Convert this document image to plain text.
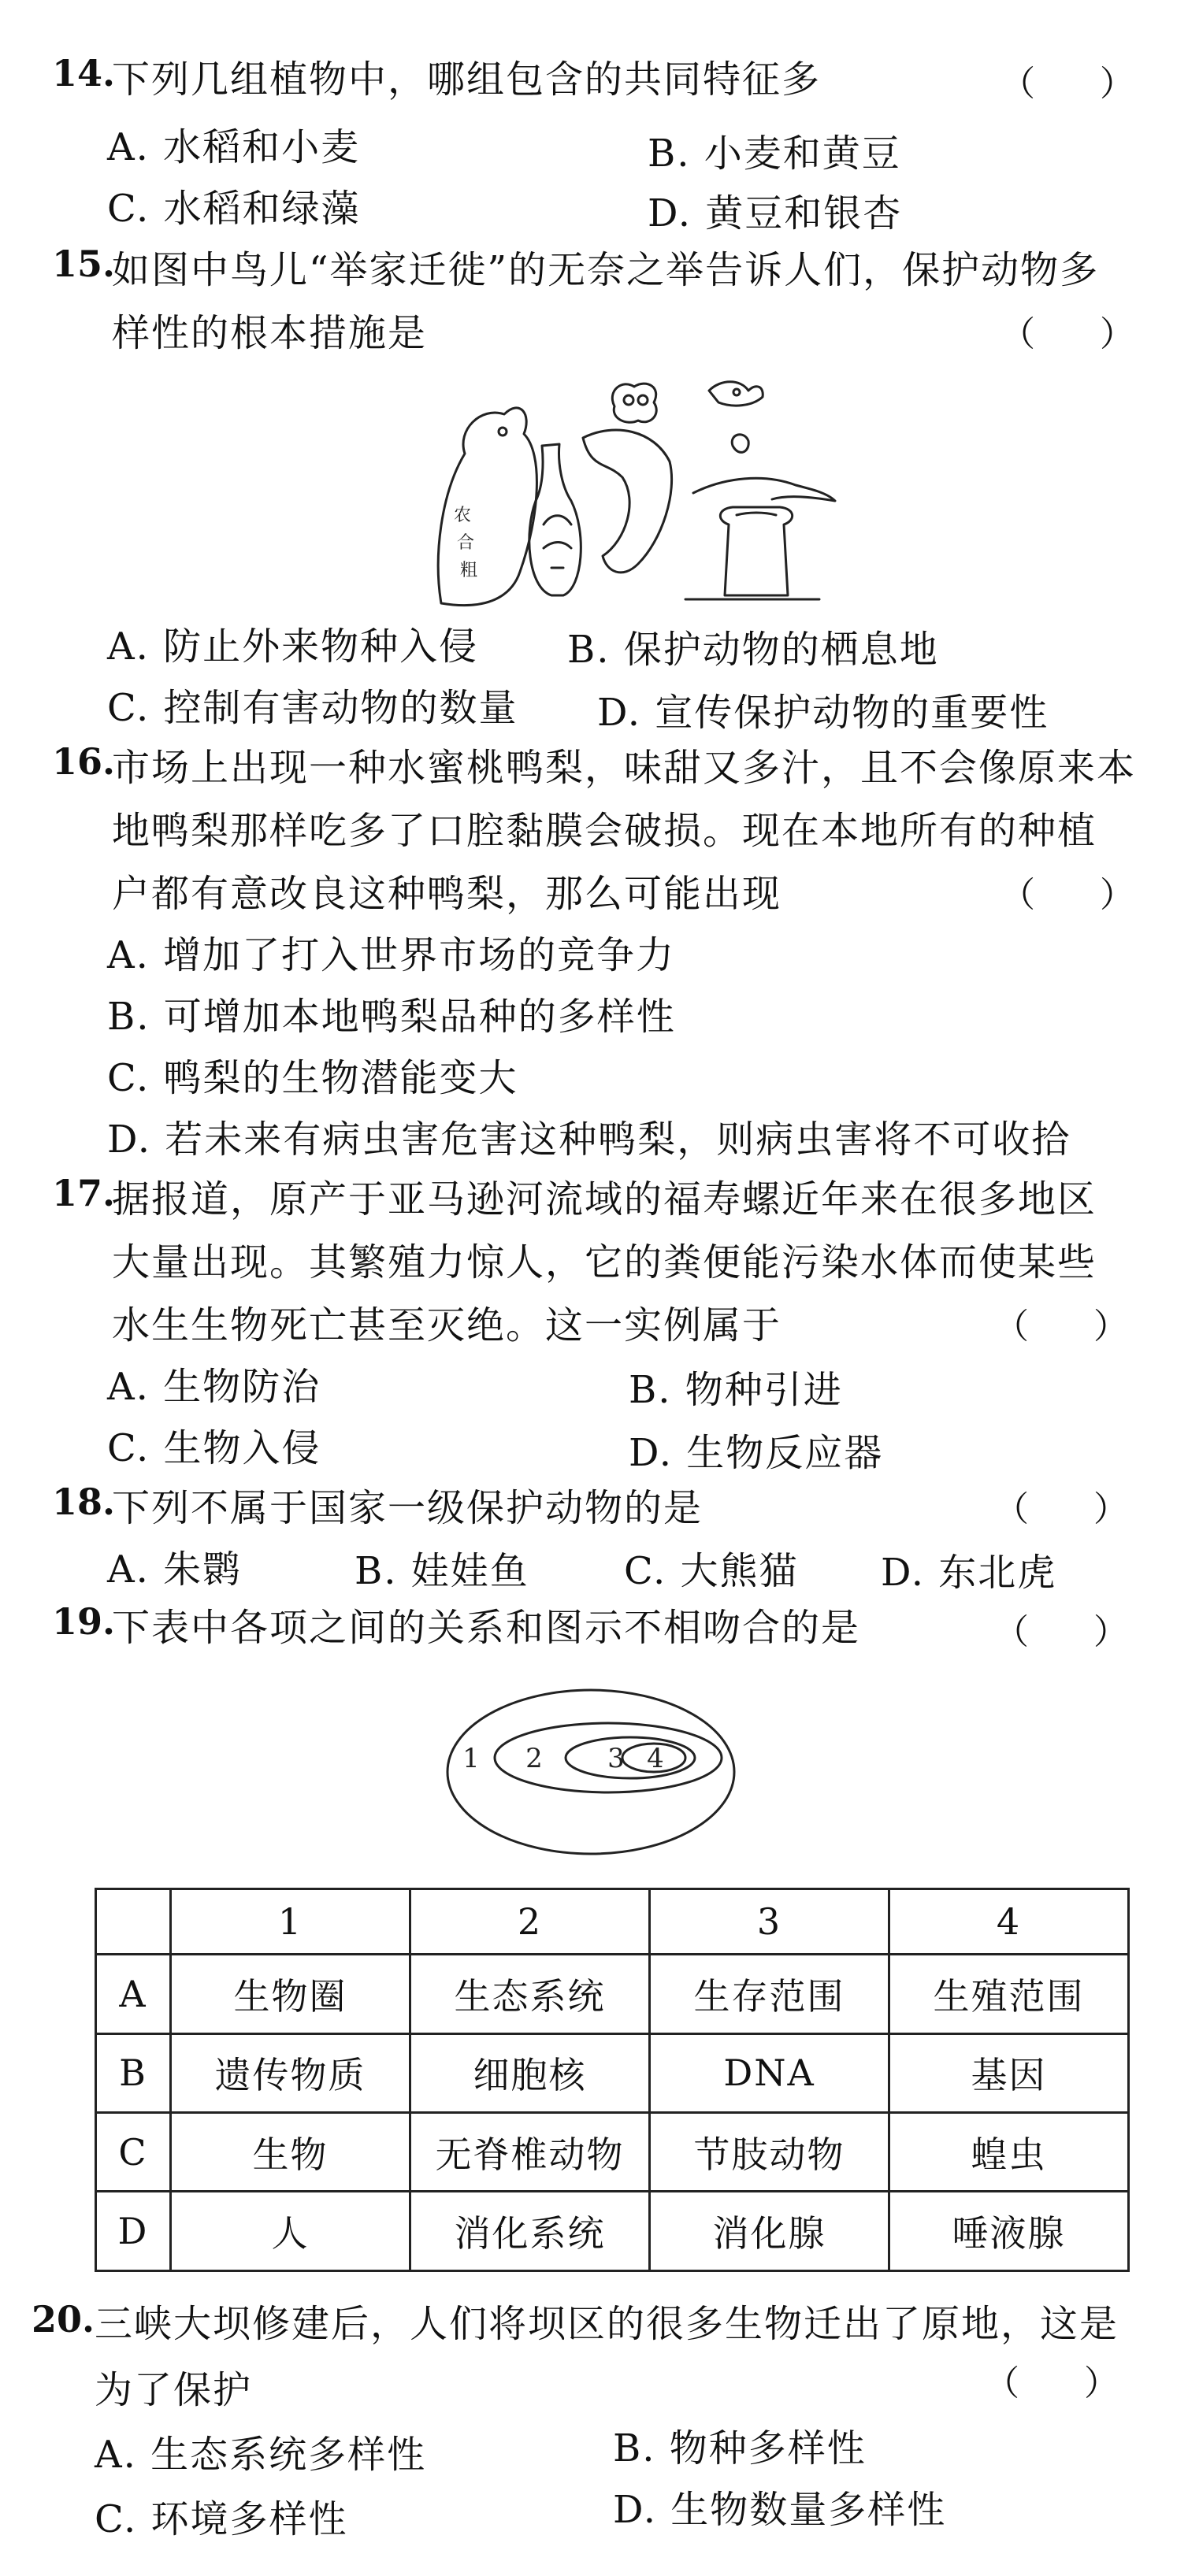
14.
下列几组植物中，哪组包含的共同特征多	（ ）
A. 水稻和小麦	B. 小麦和黄豆
C. 水稻和绿藻	D. 黄豆和银杏
15.
如图中鸟儿“举家迁徙”的无奈之举告诉人们，保护动物多
样性的根本措施是	（ ）
农
合
粗
A. 防止外来物种入侵 B. 保护动物的栖息地
C. 控制有害动物的数量 D. 宣传保护动物的重要性
16.
市场上出现一种水蜜桃鸭梨，味甜又多汁，且不会像原来本
地鸭梨那样吃多了口腔黏膜会破损。现在本地所有的种植
户都有意改良这种鸭梨，那么可能出现	（ ）
A. 增加了打入世界市场的竞争力
B. 可增加本地鸭梨品种的多样性
C. 鸭梨的生物潜能变大
D. 若未来有病虫害危害这种鸭梨，则病虫害将不可收拾
17.
据报道，原产于亚马逊河流域的福寿螺近年来在很多地区
大量出现。其繁殖力惊人，它的粪便能污染水体而使某些
水生生物死亡甚至灭绝。这一实例属于	（ ）
A. 生物防治	B. 物种引进
C. 生物入侵	D. 生物反应器
18.
下列不属于国家一级保护动物的是	（ ）
A. 朱鹮	B. 娃娃鱼	C. 大熊猫 D. 东北虎
19.
下表中各项之间的关系和图示不相吻合的是	（ ）
1 2 3 4
	1	2	3	4
A	生物圈	生态系统	生存范围	生殖范围
B	遗传物质	细胞核	DNA	基因
C	生物	无脊椎动物	节肢动物	蝗虫
D	人	消化系统	消化腺	唾液腺
20. 三峡大坝修建后，人们将坝区的很多生物迁出了原地，这是
为了保护	（ ）
A. 生态系统多样性	B. 物种多样性
C. 环境多样性	D. 生物数量多样性
